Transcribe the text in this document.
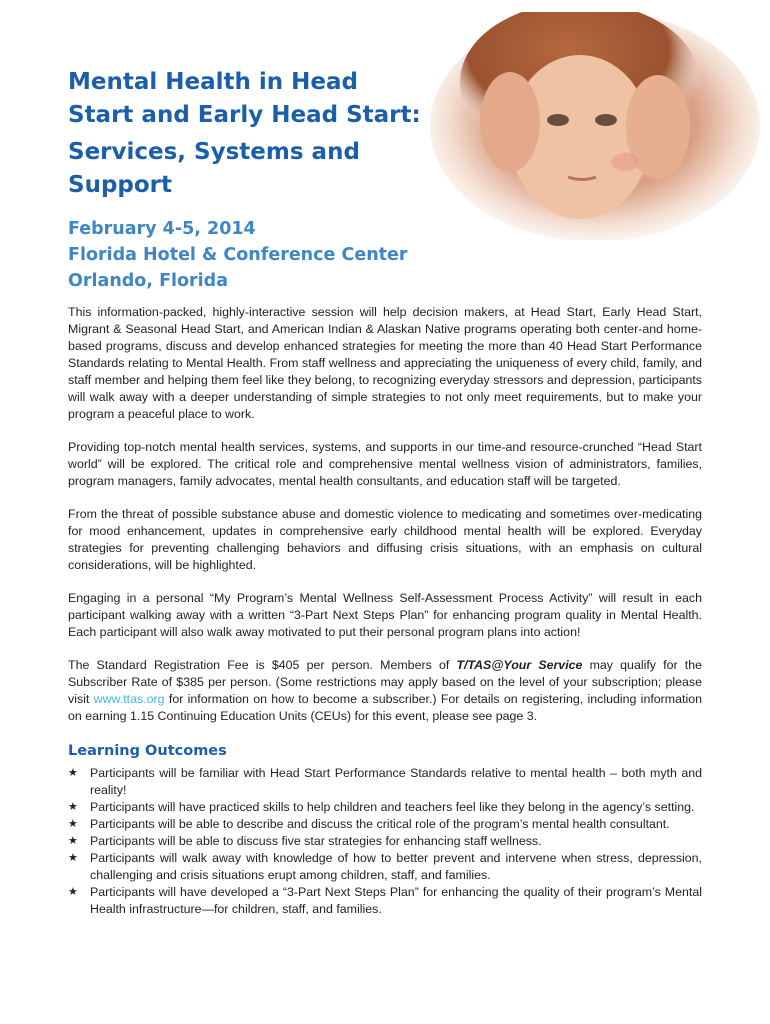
Mental Health in Head
Start and Early Head Start:
Services, Systems and
Support
February 4-5, 2014
Florida Hotel & Conference Center
Orlando, Florida

This information-packed, highly-interactive session will help decision makers, at Head Start, Early Head Start, Migrant & Seasonal Head Start, and American Indian & Alaskan Native programs operating both center-and home-based programs, discuss and develop enhanced strategies for meeting the more than 40 Head Start Performance Standards relating to Mental Health. From staff wellness and appreciating the uniqueness of every child, family, and staff member and helping them feel like they belong, to recognizing everyday stressors and depression, participants will walk away with a deeper understanding of simple strategies to not only meet requirements, but to make your program a peaceful place to work.

Providing top-notch mental health services, systems, and supports in our time-and resource-crunched “Head Start world” will be explored. The critical role and comprehensive mental wellness vision of administrators, families, program managers, family advocates, mental health consultants, and education staff will be targeted.

From the threat of possible substance abuse and domestic violence to medicating and sometimes over-medicating for mood enhancement, updates in comprehensive early childhood mental health will be explored. Everyday strategies for preventing challenging behaviors and diffusing crisis situations, with an emphasis on cultural considerations, will be highlighted.

Engaging in a personal “My Program’s Mental Wellness Self-Assessment Process Activity” will result in each participant walking away with a written “3-Part Next Steps Plan” for enhancing program quality in Mental Health. Each participant will also walk away motivated to put their personal program plans into action!

The Standard Registration Fee is $405 per person. Members of T/TAS@Your Service may qualify for the Subscriber Rate of $385 per person. (Some restrictions may apply based on the level of your subscription; please visit www.ttas.org for information on how to become a subscriber.) For details on registering, including information on earning 1.15 Continuing Education Units (CEUs) for this event, please see page 3.

Learning Outcomes
★ Participants will be familiar with Head Start Performance Standards relative to mental health – both myth and reality!
★ Participants will have practiced skills to help children and teachers feel like they belong in the agency’s setting.
★ Participants will be able to describe and discuss the critical role of the program’s mental health consultant.
★ Participants will be able to discuss five star strategies for enhancing staff wellness.
★ Participants will walk away with knowledge of how to better prevent and intervene when stress, depression, challenging and crisis situations erupt among children, staff, and families.
★ Participants will have developed a “3-Part Next Steps Plan” for enhancing the quality of their program’s Mental Health infrastructure—for children, staff, and families.
